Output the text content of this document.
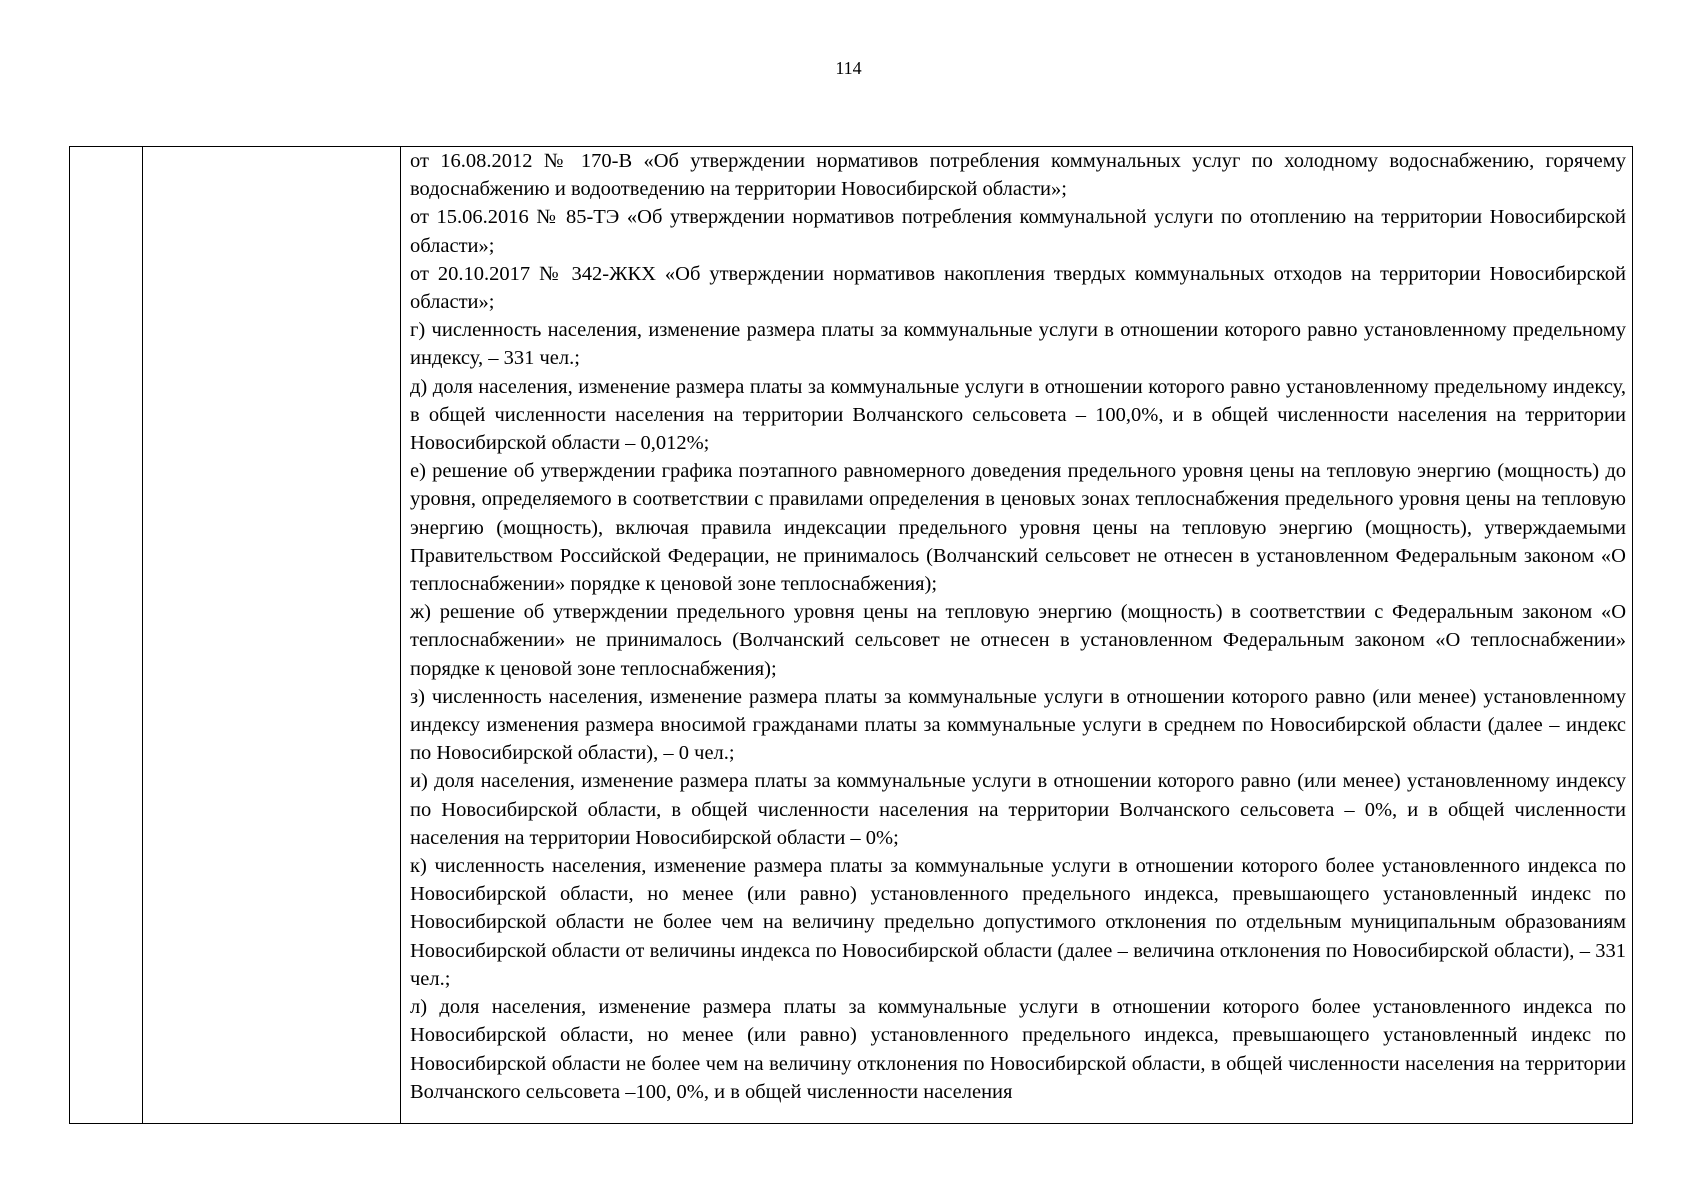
114

от 16.08.2012 № 170-В «Об утверждении нормативов потребления коммунальных услуг по холодному водоснабжению, горячему водоснабжению и водоотведению на территории Новосибирской области»;

от 15.06.2016 № 85-ТЭ «Об утверждении нормативов потребления коммунальной услуги по отоплению на территории Новосибирской области»;

от 20.10.2017 № 342-ЖКХ «Об утверждении нормативов накопления твердых коммунальных отходов на территории Новосибирской области»;

г) численность населения, изменение размера платы за коммунальные услуги в отношении которого равно установленному предельному индексу, – 331 чел.;

д) доля населения, изменение размера платы за коммунальные услуги в отношении которого равно установленному предельному индексу, в общей численности населения на территории Волчанского сельсовета – 100,0%, и в общей численности населения на территории Новосибирской области – 0,012%;

е) решение об утверждении графика поэтапного равномерного доведения предельного уровня цены на тепловую энергию (мощность) до уровня, определяемого в соответствии с правилами определения в ценовых зонах теплоснабжения предельного уровня цены на тепловую энергию (мощность), включая правила индексации предельного уровня цены на тепловую энергию (мощность), утверждаемыми Правительством Российской Федерации, не принималось (Волчанский сельсовет не отнесен в установленном Федеральным законом «О теплоснабжении» порядке к ценовой зоне теплоснабжения);

ж) решение об утверждении предельного уровня цены на тепловую энергию (мощность) в соответствии с Федеральным законом «О теплоснабжении» не принималось (Волчанский сельсовет не отнесен в установленном Федеральным законом «О теплоснабжении» порядке к ценовой зоне теплоснабжения);

з) численность населения, изменение размера платы за коммунальные услуги в отношении которого равно (или менее) установленному индексу изменения размера вносимой гражданами платы за коммунальные услуги в среднем по Новосибирской области (далее – индекс по Новосибирской области), – 0 чел.;

и) доля населения, изменение размера платы за коммунальные услуги в отношении которого равно (или менее) установленному индексу по Новосибирской области, в общей численности населения на территории Волчанского сельсовета – 0%, и в общей численности населения на территории Новосибирской области – 0%;

к) численность населения, изменение размера платы за коммунальные услуги в отношении которого более установленного индекса по Новосибирской области, но менее (или равно) установленного предельного индекса, превышающего установленный индекс по Новосибирской области не более чем на величину предельно допустимого отклонения по отдельным муниципальным образованиям Новосибирской области от величины индекса по Новосибирской области (далее – величина отклонения по Новосибирской области), – 331 чел.;

л) доля населения, изменение размера платы за коммунальные услуги в отношении которого более установленного индекса по Новосибирской области, но менее (или равно) установленного предельного индекса, превышающего установленный индекс по Новосибирской области не более чем на величину отклонения по Новосибирской области, в общей численности населения на территории Волчанского сельсовета –100, 0%, и в общей численности населения
